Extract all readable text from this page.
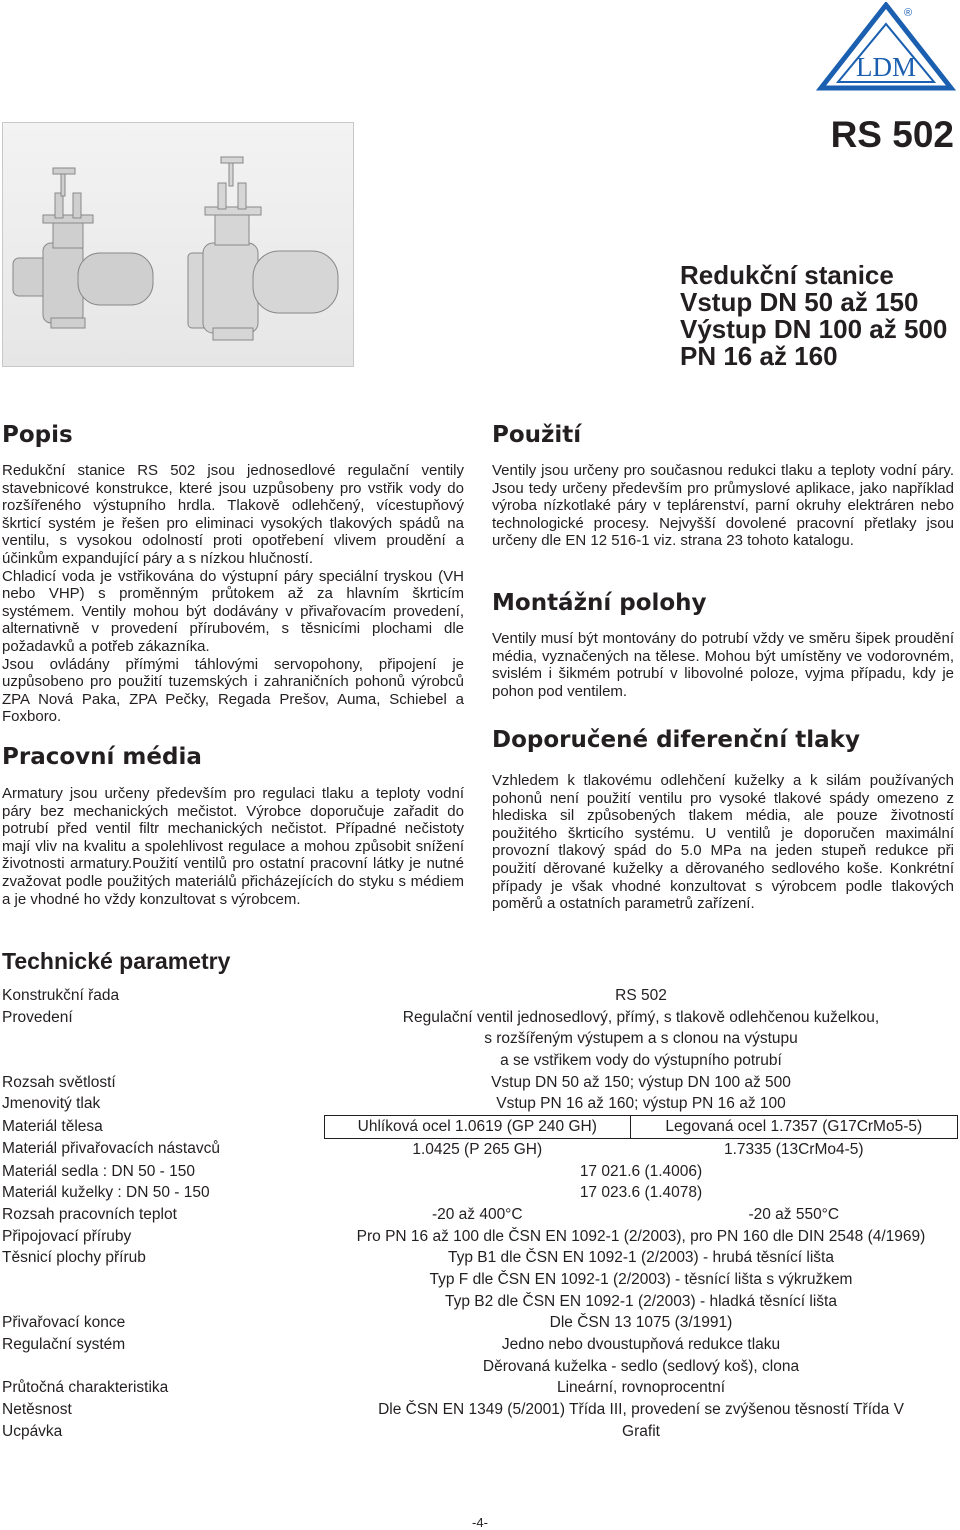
LDM
®
RS 502
Redukční stanice
Vstup DN 50 až 150
Výstup DN 100 až 500
PN 16 až 160
Popis

Redukční stanice RS 502 jsou jednosedlové regulační ventily stavebnicové konstrukce, které jsou uzpůsobeny pro vstřik vody do rozšířeného výstupního hrdla. Tlakově odlehčený, vícestupňový škrticí systém je řešen pro eliminaci vysokých tlakových spádů na ventilu, s vysokou odolností proti opotřebení vlivem proudění a účinkům expandující páry a s nízkou hlučností.

Chladicí voda je vstřikována do výstupní páry speciální tryskou (VH nebo VHP) s proměnným průtokem až za hlavním škrticím systémem. Ventily mohou být dodávány v přivařovacím provedení, alternativně v provedení přírubovém, s těsnicími plochami dle požadavků a potřeb zákazníka.

Jsou ovládány přímými táhlovými servopohony, připojení je uzpůsobeno pro použití tuzemských i zahraničních pohonů výrobců ZPA Nová Paka, ZPA Pečky, Regada Prešov, Auma, Schiebel a Foxboro.

Pracovní média

Armatury jsou určeny především pro regulaci tlaku a teploty vodní páry bez mechanických mečistot. Výrobce doporučuje zařadit do potrubí před ventil filtr mechanických nečistot. Případné nečistoty mají vliv na kvalitu a spolehlivost regulace a mohou způsobit snížení životnosti armatury.Použití ventilů pro ostatní pracovní látky je nutné zvažovat podle použitých materiálů přicházejících do styku s médiem a je vhodné ho vždy konzultovat s výrobcem.

Použití

Ventily jsou určeny pro současnou redukci tlaku a teploty vodní páry. Jsou tedy určeny především pro průmyslové aplikace, jako například výroba nízkotlaké páry v teplárenství, parní okruhy elektráren nebo technologické procesy. Nejvyšší dovolené pracovní přetlaky jsou určeny dle EN 12 516-1 viz. strana 23 tohoto katalogu.

Montážní polohy

Ventily musí být montovány do potrubí vždy ve směru šipek proudění média, vyznačených na tělese. Mohou být umístěny ve vodorovném, svislém i šikmém potrubí v libovolné poloze, vyjma případu, kdy je pohon pod ventilem.

Doporučené diferenční tlaky

Vzhledem k tlakovému odlehčení kuželky a k silám používaných pohonů není použití ventilu pro vysoké tlakové spády omezeno z hlediska sil způsobených tlakem média, ale pouze životností použitého škrticího systému. U ventilů je doporučen maximální provozní tlakový spád do 5.0 MPa na jeden stupeň redukce při použití děrované kuželky a děrovaného sedlového koše. Konkrétní případy je však vhodné konzultovat s výrobcem podle tlakových poměrů a ostatních parametrů zařízení.

Technické parametry
Konstrukční řada	RS 502	
Provedení	Regulační ventil jednosedlový, přímý, s tlakově odlehčenou kuželkou,	
	s rozšířeným výstupem a s clonou na výstupu	
	a se vstřikem vody do výstupního potrubí	
Rozsah světlostí	Vstup DN 50 až 150; výstup DN 100 až 500	
Jmenovitý tlak	Vstup PN 16 až 160; výstup PN 16 až 100	
Materiál tělesa	Uhlíková ocel 1.0619 (GP 240 GH)	Legovaná ocel 1.7357 (G17CrMo5-5)
Materiál přivařovacích nástavců	1.0425 (P 265 GH)	1.7335 (13CrMo4-5)
Materiál sedla : DN 50 - 150	17 021.6 (1.4006)	
Materiál kuželky : DN 50 - 150	17 023.6 (1.4078)	
Rozsah pracovních teplot	-20 až 400°C	-20 až 550°C
Připojovací příruby	Pro PN 16 až 100 dle ČSN EN 1092-1 (2/2003), pro PN 160 dle DIN 2548 (4/1969)	
Těsnicí plochy přírub	Typ B1 dle ČSN EN 1092-1 (2/2003) - hrubá těsnící lišta	
	Typ F dle ČSN EN 1092-1 (2/2003) - těsnící lišta s výkružkem	
	Typ B2 dle ČSN EN 1092-1 (2/2003) - hladká těsnící lišta	
Přivařovací konce	Dle ČSN 13 1075 (3/1991)	
Regulační systém	Jedno nebo dvoustupňová redukce tlaku	
	Děrovaná kuželka - sedlo (sedlový koš), clona	
Průtočná charakteristika	Lineární, rovnoprocentní	
Netěsnost	Dle ČSN EN 1349 (5/2001) Třída III, provedení se zvýšenou těsností Třída V	
Ucpávka	Grafit	
-4-
